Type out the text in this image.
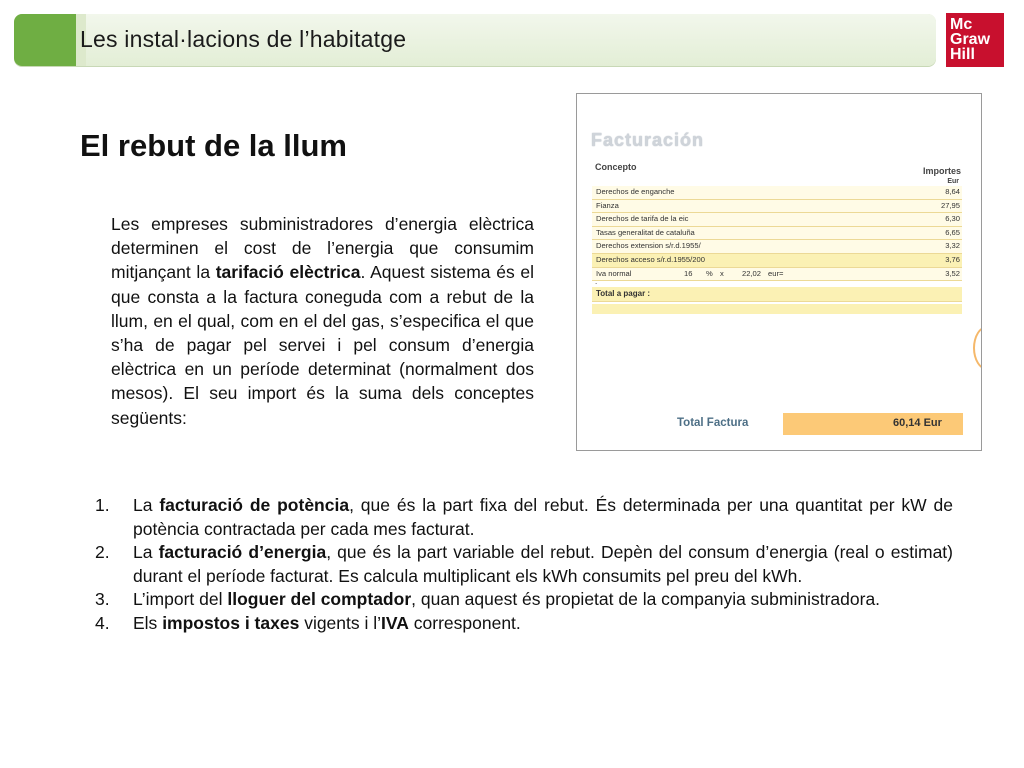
Les instal·lacions de l’habitatge
Mc
Graw
Hill
El rebut de la llum
Les empreses subministradores d’energia elèctrica determinen el cost de l’energia que consumim mitjançant la tarifació elèctrica. Aquest sistema és el que consta a la factura coneguda com a rebut de la llum, en el qual, com en el del gas, s’especifica el que s’ha de pagar pel servei i pel consum d’energia elèctrica en un període determinat (normalment dos mesos). El seu import és la suma dels conceptes següents:
Facturación
Concepto	Importes
Eur
Derechos de enganche	8,64
Fianza	27,95
Derechos de tarifa de la eic	6,30
Tasas generalitat de cataluña	6,65
Derechos extension s/r.d.1955/	3,32
Derechos acceso s/r.d.1955/200	3,76
Iva normal	16 % x 22,02 eur=	3,52
.
Total a pagar :
Total Factura	60,14 Eur
1. La facturació de potència, que és la part fixa del rebut. És determinada per una quantitat per kW de potència contractada per cada mes facturat.
2. La facturació d’energia, que és la part variable del rebut. Depèn del consum d’energia (real o estimat) durant el període facturat. Es calcula multiplicant els kWh consumits pel preu del kWh.
3. L’import del lloguer del comptador, quan aquest és propietat de la companyia subministradora.
4. Els impostos i taxes vigents i l’IVA corresponent.
